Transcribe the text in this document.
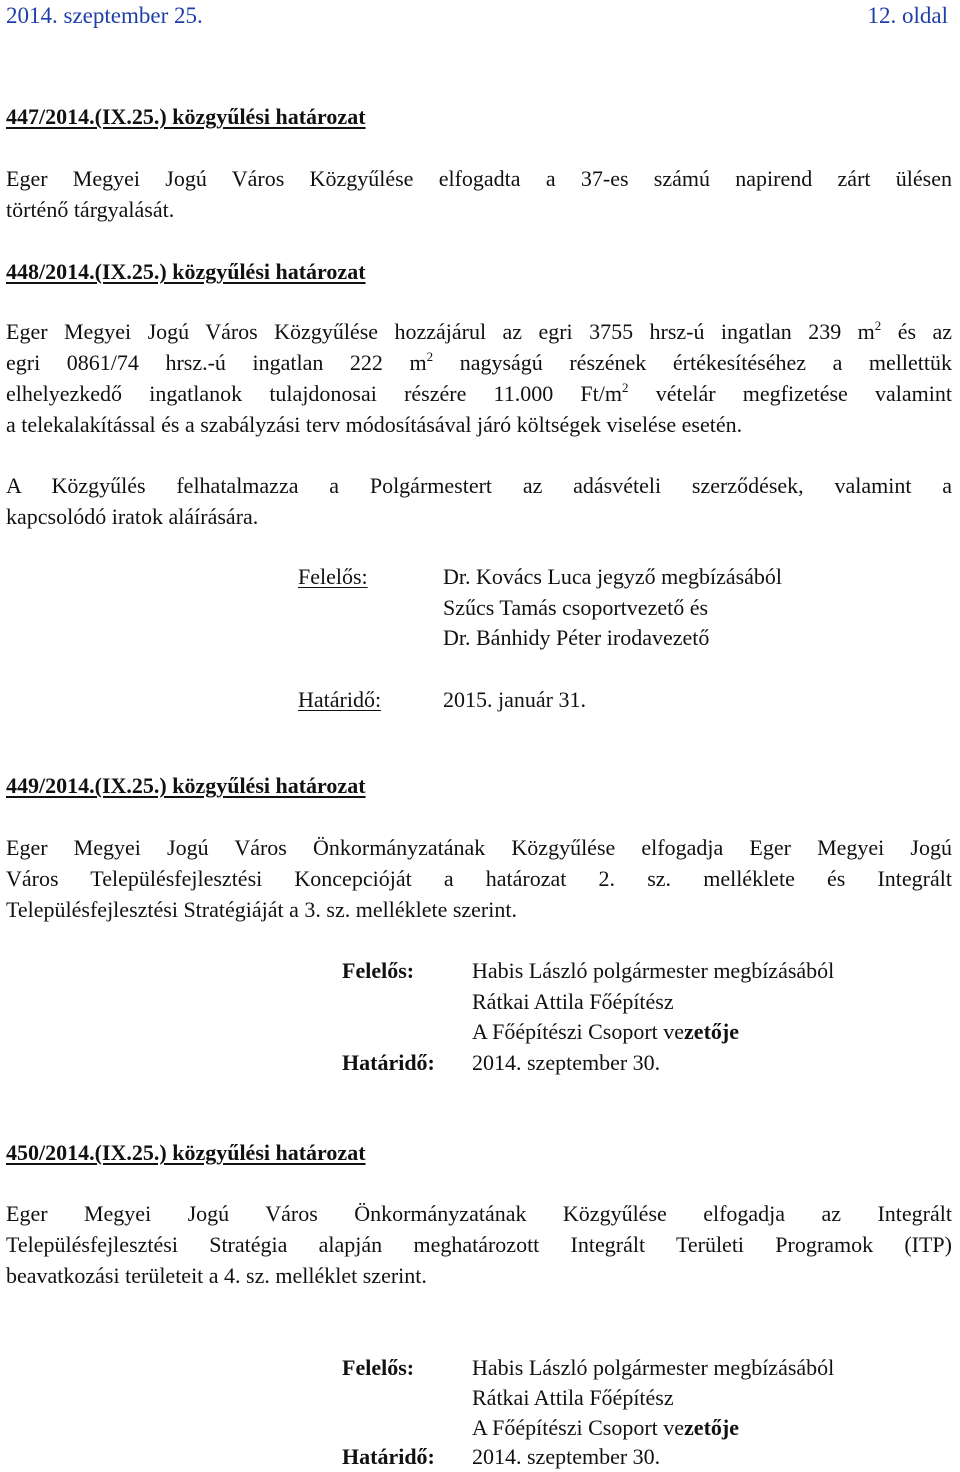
2014. szeptember 25.	12. oldal
447/2014.(IX.25.) közgyűlési határozat
Eger Megyei Jogú Város Közgyűlése elfogadta a 37-es számú napirend zárt ülésen
történő tárgyalását.
448/2014.(IX.25.) közgyűlési határozat
Eger Megyei Jogú Város Közgyűlése hozzájárul az egri 3755 hrsz-ú ingatlan 239 $m^2$ és az
egri 0861/74 hrsz.-ú ingatlan 222 $m^2$ nagyságú részének értékesítéséhez a mellettük
elhelyezkedő ingatlanok tulajdonosai részére 11.000 $Ft/m^2$ vételár megfizetése valamint
a telekalakítással és a szabályzási terv módosításával járó költségek viselése esetén.
A Közgyűlés felhatalmazza a Polgármestert az adásvételi szerződések, valamint a
kapcsolódó iratok aláírására.
Felelős:	Dr. Kovács Luca jegyző megbízásából
Szűcs Tamás csoportvezető és
Dr. Bánhidy Péter irodavezető
Határidő:	2015. január 31.
449/2014.(IX.25.) közgyűlési határozat
Eger Megyei Jogú Város Önkormányzatának Közgyűlése elfogadja Eger Megyei Jogú
Város Településfejlesztési Koncepcióját a határozat 2. sz. melléklete és Integrált
Településfejlesztési Stratégiáját a 3. sz. melléklete szerint.
Felelős:	Habis László polgármester megbízásából
Rátkai Attila Főépítész
A Főépítészi Csoport vezetője
Határidő: 2014. szeptember 30.
450/2014.(IX.25.) közgyűlési határozat
Eger Megyei Jogú Város Önkormányzatának Közgyűlése elfogadja az Integrált
Településfejlesztési Stratégia alapján meghatározott Integrált Területi Programok (ITP)
beavatkozási területeit a 4. sz. melléklet szerint.
Felelős:	Habis László polgármester megbízásából
Rátkai Attila Főépítész
A Főépítészi Csoport vezetője
Határidő: 2014. szeptember 30.
